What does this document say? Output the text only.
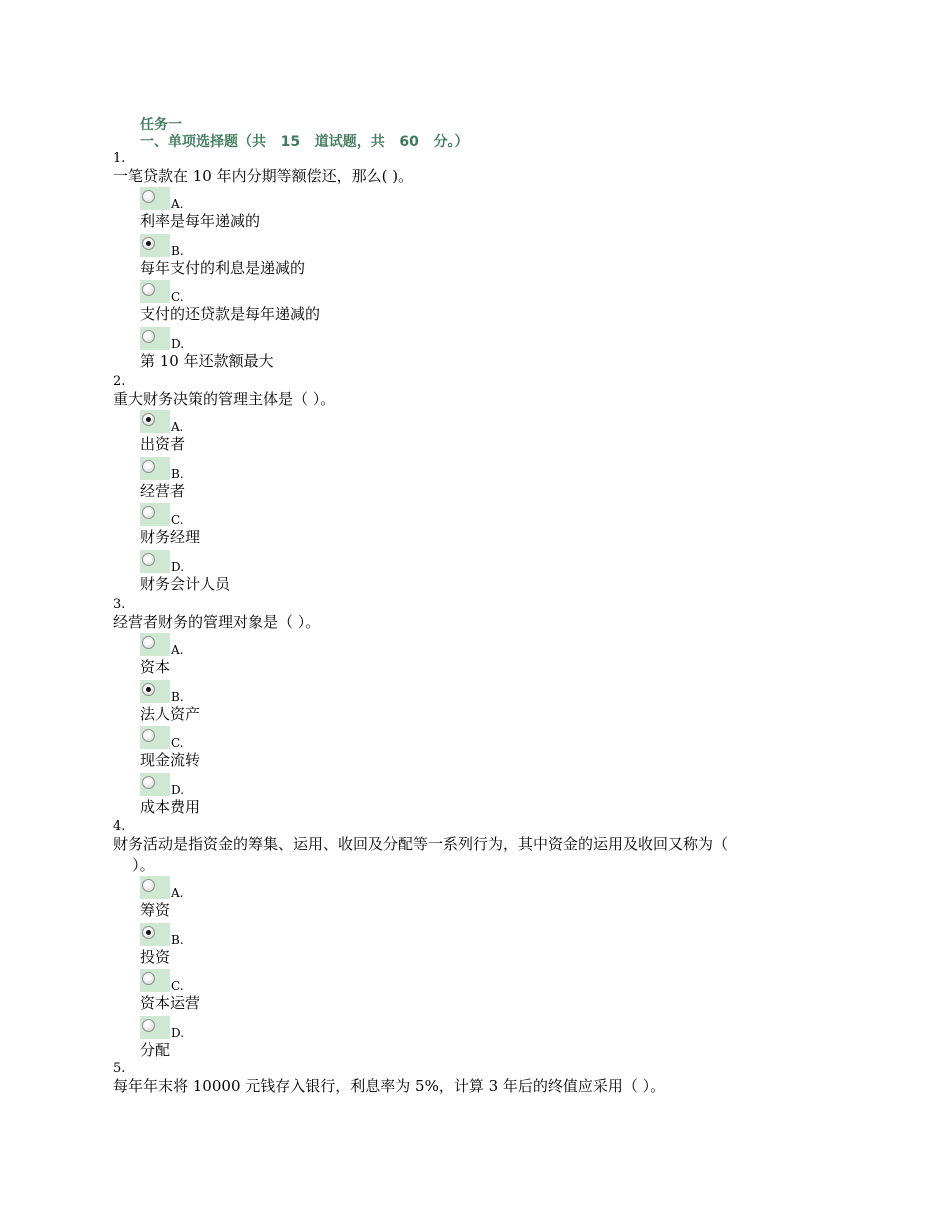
任务一
一、单项选择题（共   15   道试题，共   60   分。）
1.
一笔贷款在 10 年内分期等额偿还，那么( )。
A.
利率是每年递减的
B.
每年支付的利息是递减的
C.
支付的还贷款是每年递减的
D.
第 10 年还款额最大
2.
重大财务决策的管理主体是（ ）。
A.
出资者
B.
经营者
C.
财务经理
D.
财务会计人员
3.
经营者财务的管理对象是（ ）。
A.
资本
B.
法人资产
C.
现金流转
D.
成本费用
4.
财务活动是指资金的筹集、运用、收回及分配等一系列行为，其中资金的运用及收回又称为（
）。
A.
筹资
B.
投资
C.
资本运营
D.
分配
5.
每年年末将 10000 元钱存入银行，利息率为 5%，计算 3 年后的终值应采用（ ）。
